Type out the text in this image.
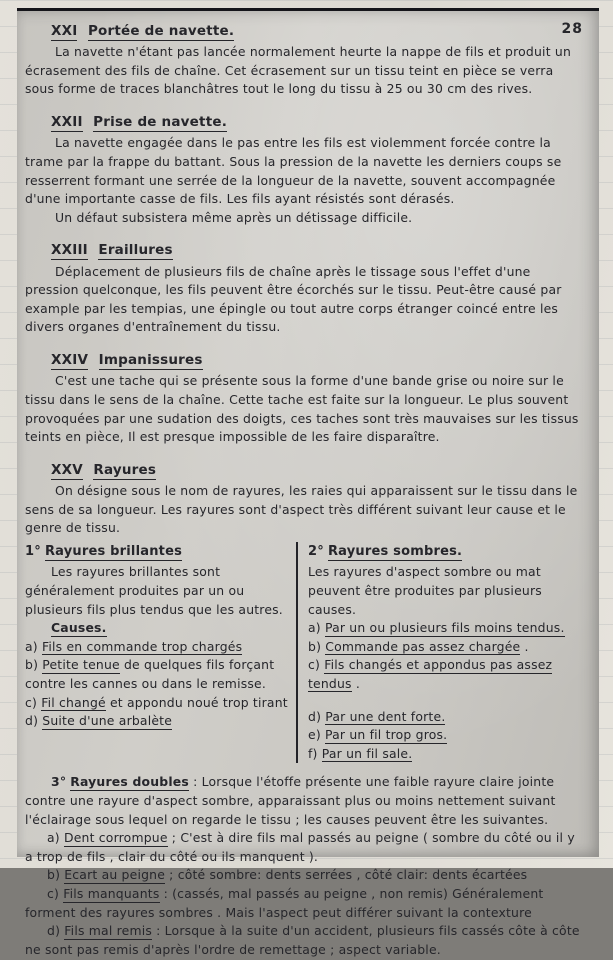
28
XXI Portée de navette.

La navette n'étant pas lancée normalement heurte la nappe de fils et produit un écrasement des fils de chaîne. Cet écrasement sur un tissu teint en pièce se verra sous forme de traces blanchâtres tout le long du tissu à 25 ou 30 cm des rives.

XXII Prise de navette.

La navette engagée dans le pas entre les fils est violemment forcée contre la trame par la frappe du battant. Sous la pression de la navette les derniers coups se resserrent formant une serrée de la longueur de la navette, souvent accompagnée d'une importante casse de fils. Les fils ayant résistés sont dérasés.

Un défaut subsistera même après un détissage difficile.

XXIII Eraillures

Déplacement de plusieurs fils de chaîne après le tissage sous l'effet d'une pression quelconque, les fils peuvent être écorchés sur le tissu. Peut-être causé par example par les tempias, une épingle ou tout autre corps étranger coincé entre les divers organes d'entraînement du tissu.

XXIV Impanissures

C'est une tache qui se présente sous la forme d'une bande grise ou noire sur le tissu dans le sens de la chaîne. Cette tache est faite sur la longueur. Le plus souvent provoquées par une sudation des doigts, ces taches sont très mauvaises sur les tissus teints en pièce, Il est presque impossible de les faire disparaître.

XXV Rayures

On désigne sous le nom de rayures, les raies qui apparaissent sur le tissu dans le sens de sa longueur. Les rayures sont d'aspect très différent suivant leur cause et le genre de tissu.

1° Rayures brillantes

Les rayures brillantes sont généralement produites par un ou plusieurs fils plus tendus que les autres.

Causes.
a) Fils en commande trop chargés
b) Petite tenue de quelques fils forçant contre les cannes ou dans le remisse.
c) Fil changé et appondu noué trop tirant
d) Suite d'une arbalète
2° Rayures sombres.

Les rayures d'aspect sombre ou mat peuvent être produites par plusieurs causes.

a) Par un ou plusieurs fils moins tendus.
b) Commande pas assez chargée .
c) Fils changés et appondus pas assez tendus .
d) Par une dent forte.
e) Par un fil trop gros.
f) Par un fil sale.

3° Rayures doubles : Lorsque l'étoffe présente une faible rayure claire jointe contre une rayure d'aspect sombre, apparaissant plus ou moins nettement suivant l'éclairage sous lequel on regarde le tissu ; les causes peuvent être les suivantes.

a) Dent corrompue ; C'est à dire fils mal passés au peigne ( sombre du côté ou il y a trop de fils , clair du côté ou ils manquent ).

b) Ecart au peigne ; côté sombre: dents serrées , côté clair: dents écartées

c) Fils manquants : (cassés, mal passés au peigne , non remis) Généralement forment des rayures sombres . Mais l'aspect peut différer suivant la contexture

d) Fils mal remis : Lorsque à la suite d'un accident, plusieurs fils cassés côte à côte ne sont pas remis d'après l'ordre de remettage ; aspect variable.
